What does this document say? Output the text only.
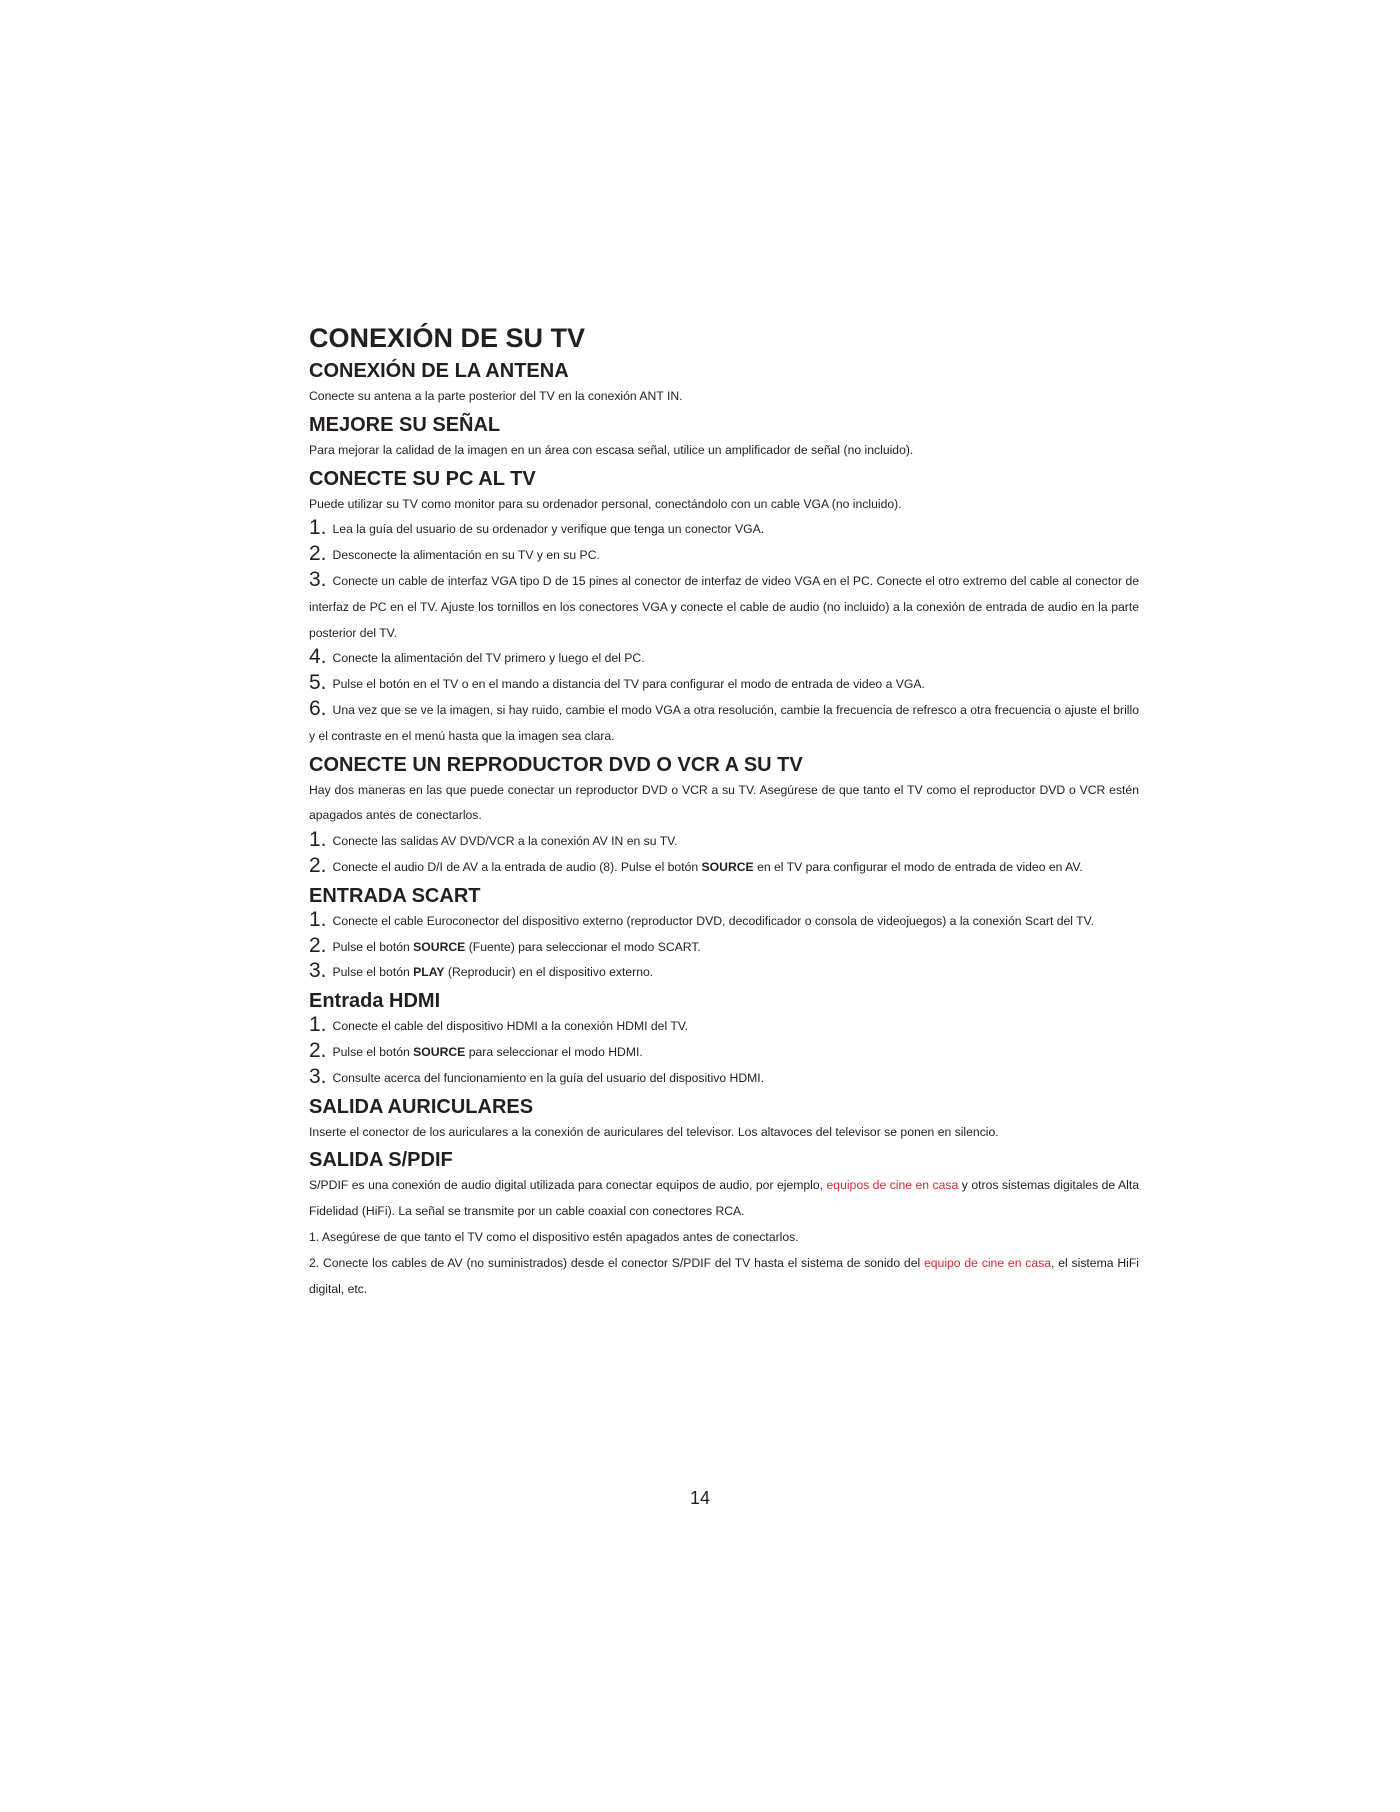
CONEXIÓN DE SU TV
CONEXIÓN DE LA ANTENA

Conecte su antena a la parte posterior del TV en la conexión ANT IN.

MEJORE SU SEÑAL

Para mejorar la calidad de la imagen en un área con escasa señal, utilice un amplificador de señal (no incluido).

CONECTE SU PC AL TV

Puede utilizar su TV como monitor para su ordenador personal, conectándolo con un cable VGA (no incluido).

1. Lea la guía del usuario de su ordenador y verifique que tenga un conector VGA.

2. Desconecte la alimentación en su TV y en su PC.

3. Conecte un cable de interfaz VGA tipo D de 15 pines al conector de interfaz de video VGA en el PC. Conecte el otro extremo del cable al conector de interfaz de PC en el TV. Ajuste los tornillos en los conectores VGA y conecte el cable de audio (no incluido) a la conexión de entrada de audio en la parte posterior del TV.

4. Conecte la alimentación del TV primero y luego el del PC.

5. Pulse el botón en el TV o en el mando a distancia del TV para configurar el modo de entrada de video a VGA.

6. Una vez que se ve la imagen, si hay ruido, cambie el modo VGA a otra resolución, cambie la frecuencia de refresco a otra frecuencia o ajuste el brillo y el contraste en el menú hasta que la imagen sea clara.

CONECTE UN REPRODUCTOR DVD O VCR A SU TV

Hay dos maneras en las que puede conectar un reproductor DVD o VCR a su TV. Asegúrese de que tanto el TV como el reproductor DVD o VCR estén apagados antes de conectarlos.

1. Conecte las salidas AV DVD/VCR a la conexión AV IN en su TV.

2. Conecte el audio D/I de AV a la entrada de audio (8). Pulse el botón SOURCE en el TV para configurar el modo de entrada de video en AV.

ENTRADA SCART

1. Conecte el cable Euroconector del dispositivo externo (reproductor DVD, decodificador o consola de videojuegos) a la conexión Scart del TV.

2. Pulse el botón SOURCE (Fuente) para seleccionar el modo SCART.

3. Pulse el botón PLAY (Reproducir) en el dispositivo externo.

Entrada HDMI

1. Conecte el cable del dispositivo HDMI a la conexión HDMI del TV.

2. Pulse el botón SOURCE para seleccionar el modo HDMI.

3. Consulte acerca del funcionamiento en la guía del usuario del dispositivo HDMI.

SALIDA AURICULARES

Inserte el conector de los auriculares a la conexión de auriculares del televisor. Los altavoces del televisor se ponen en silencio.

SALIDA S/PDIF

S/PDIF es una conexión de audio digital utilizada para conectar equipos de audio, por ejemplo, equipos de cine en casa y otros sistemas digitales de Alta Fidelidad (HiFi). La señal se transmite por un cable coaxial con conectores RCA.

1. Asegúrese de que tanto el TV como el dispositivo estén apagados antes de conectarlos.

2. Conecte los cables de AV (no suministrados) desde el conector S/PDIF del TV hasta el sistema de sonido del equipo de cine en casa, el sistema HiFi digital, etc.

14
